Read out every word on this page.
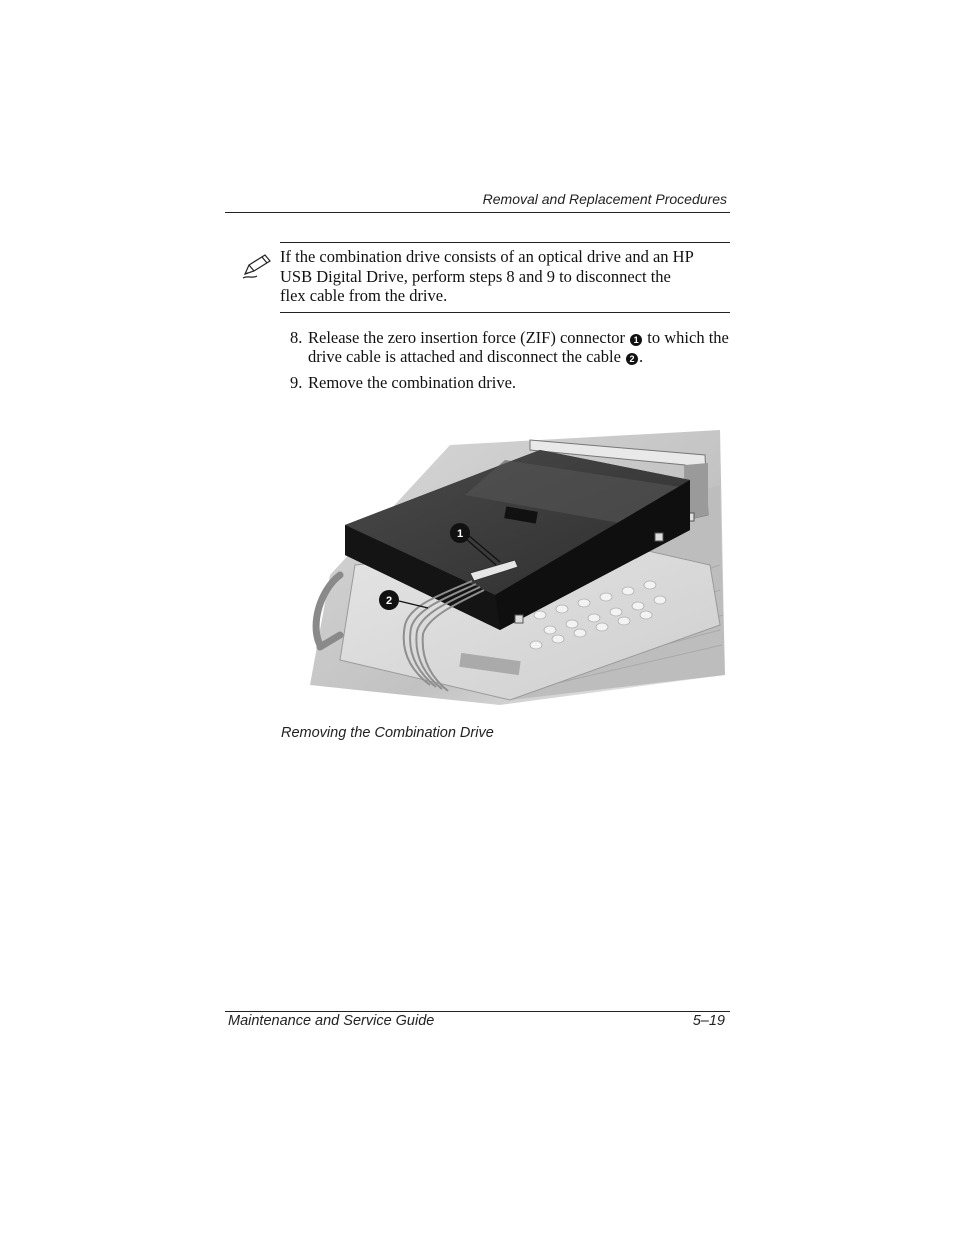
Removal and Replacement Procedures
If the combination drive consists of an optical drive and an HP USB Digital Drive, perform steps 8 and 9 to disconnect the flex cable from the drive.
8. Release the zero insertion force (ZIF) connector 1 to which the drive cable is attached and disconnect the cable 2 .
9. Remove the combination drive.
1
2
Removing the Combination Drive
Maintenance and Service Guide	5–19
